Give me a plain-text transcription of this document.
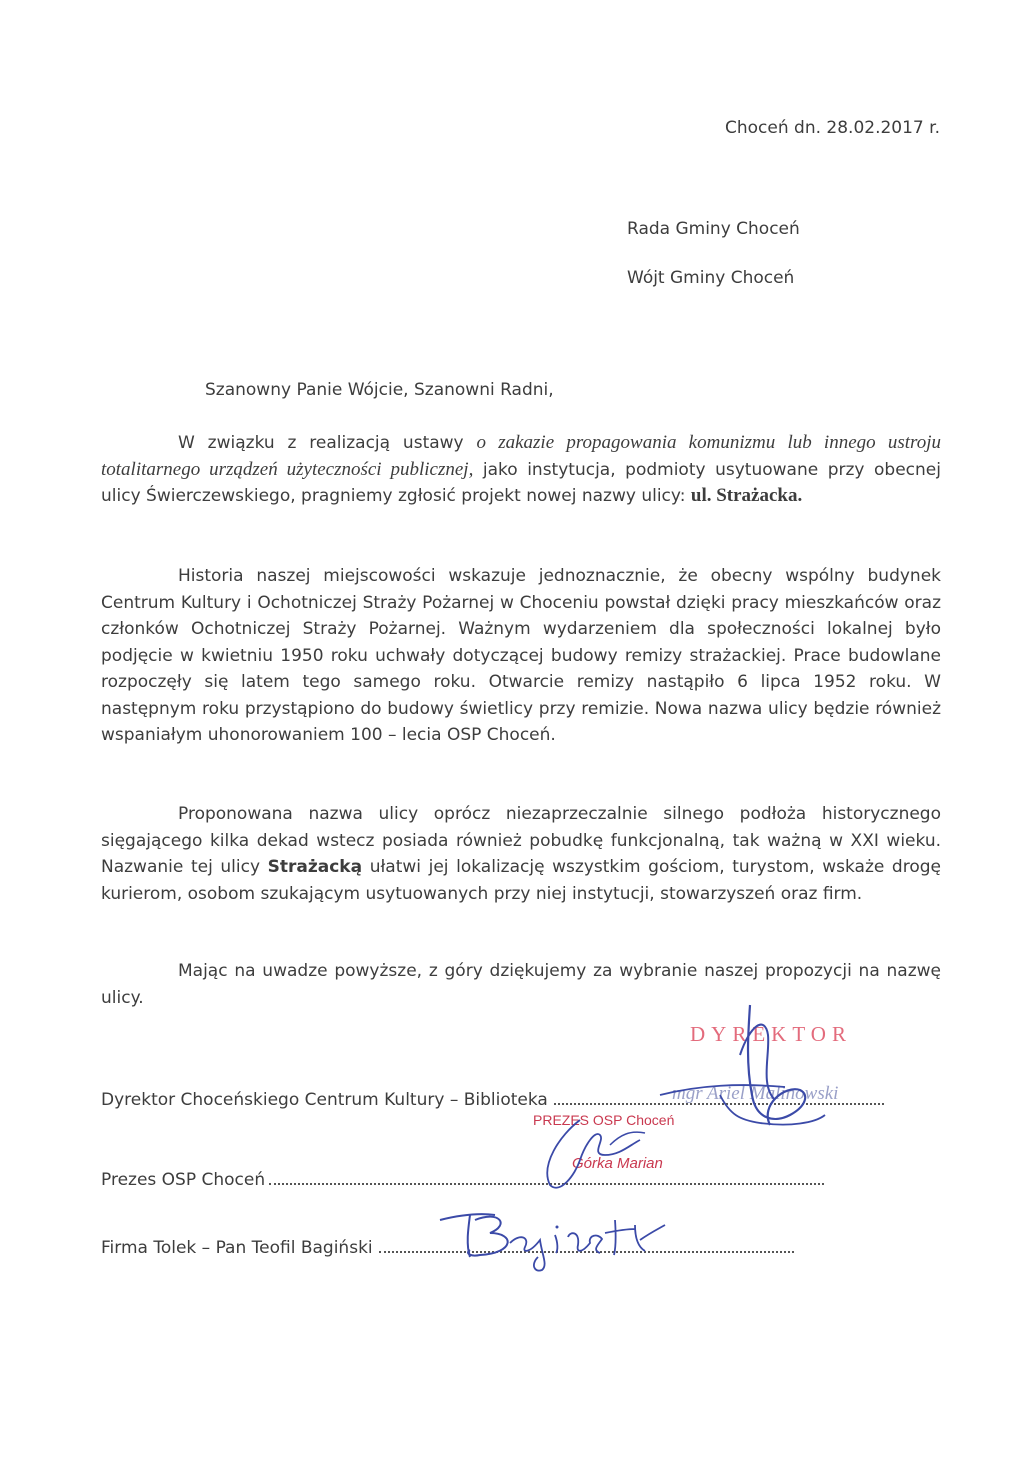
Choceń dn. 28.02.2017 r.
Rada Gminy Choceń
Wójt Gminy Choceń
Szanowny Panie Wójcie, Szanowni Radni,
W związku z realizacją ustawy o zakazie propagowania komunizmu lub innego ustroju totalitarnego urządzeń użyteczności publicznej, jako instytucja, podmioty usytuowane przy obecnej ulicy Świerczewskiego, pragniemy zgłosić projekt nowej nazwy ulicy: ul. Strażacka.
Historia naszej miejscowości wskazuje jednoznacznie, że obecny wspólny budynek Centrum Kultury i Ochotniczej Straży Pożarnej w Choceniu powstał dzięki pracy mieszkańców oraz członków Ochotniczej Straży Pożarnej. Ważnym wydarzeniem dla społeczności lokalnej było podjęcie w kwietniu 1950 roku uchwały dotyczącej budowy remizy strażackiej. Prace budowlane rozpoczęły się latem tego samego roku. Otwarcie remizy nastąpiło 6 lipca 1952 roku. W następnym roku przystąpiono do budowy świetlicy przy remizie. Nowa nazwa ulicy będzie również wspaniałym uhonorowaniem 100 – lecia OSP Choceń.
Proponowana nazwa ulicy oprócz niezaprzeczalnie silnego podłoża historycznego sięgającego kilka dekad wstecz posiada również pobudkę funkcjonalną, tak ważną w XXI wieku. Nazwanie tej ulicy Strażacką ułatwi jej lokalizację wszystkim gościom, turystom, wskaże drogę kurierom, osobom szukającym usytuowanych przy niej instytucji, stowarzyszeń oraz firm.
Mając na uwadze powyższe, z góry dziękujemy za wybranie naszej propozycji na nazwę ulicy.
DYREKTOR
Dyrektor Choceńskiego Centrum Kultury – Biblioteka	mgr Ariel Malinowski
PREZES OSP Choceń
Górka Marian
Prezes OSP Choceń
Firma Tolek – Pan Teofil Bagiński
